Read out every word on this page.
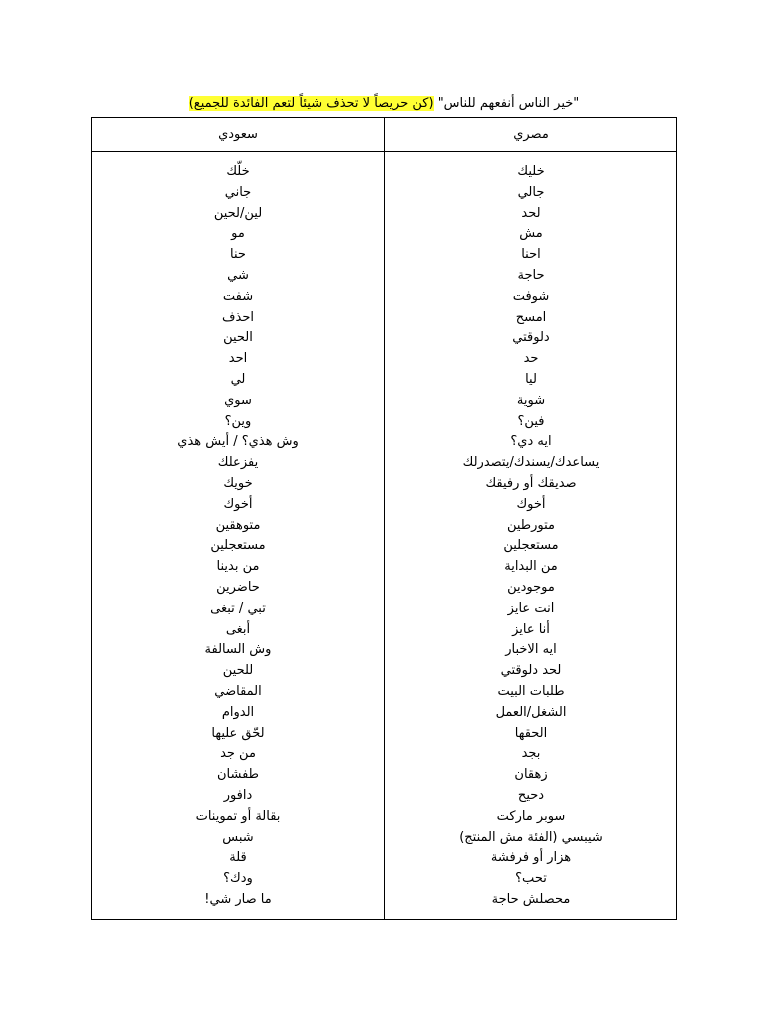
"خير الناس أنفعهم للناس" (كن حريصاً لا تحذف شيئاً لتعم الفائدة للجميع)
مصري
سعودي
خليك
جالي
لحد
مش
احنا
حاجة
شوفت
امسح
دلوقتي
حد
ليا
شوية
فين؟
ايه دي؟
يساعدك/يسندك/يتصدرلك
صديقك أو رفيقك
أخوك
متورطين
مستعجلين
من البداية
موجودين
انت عايز
أنا عايز
ايه الاخبار
لحد دلوقتي
طلبات البيت
الشغل/العمل
الحقها
بجد
زهقان
دحيح
سوبر ماركت
شيبسي (الفئة مش المنتج)
هزار أو فرفشة
تحب؟
محصلش حاجة
خلّك
جاني
لين/لحين
مو
حنا
شي
شفت
احذف
الحين
احد
لي
سوي
وين؟
وش هذي؟ / أيش هذي
يفزعلك
خويك
أخوك
متوهقين
مستعجلين
من بدينا
حاضرين
تبي / تبغى
أبغى
وش السالفة
للحين
المقاضي
الدوام
لحّق عليها
من جد
طفشان
دافور
بقالة أو تموينات
شبس
قلة
ودك؟
ما صار شي!
